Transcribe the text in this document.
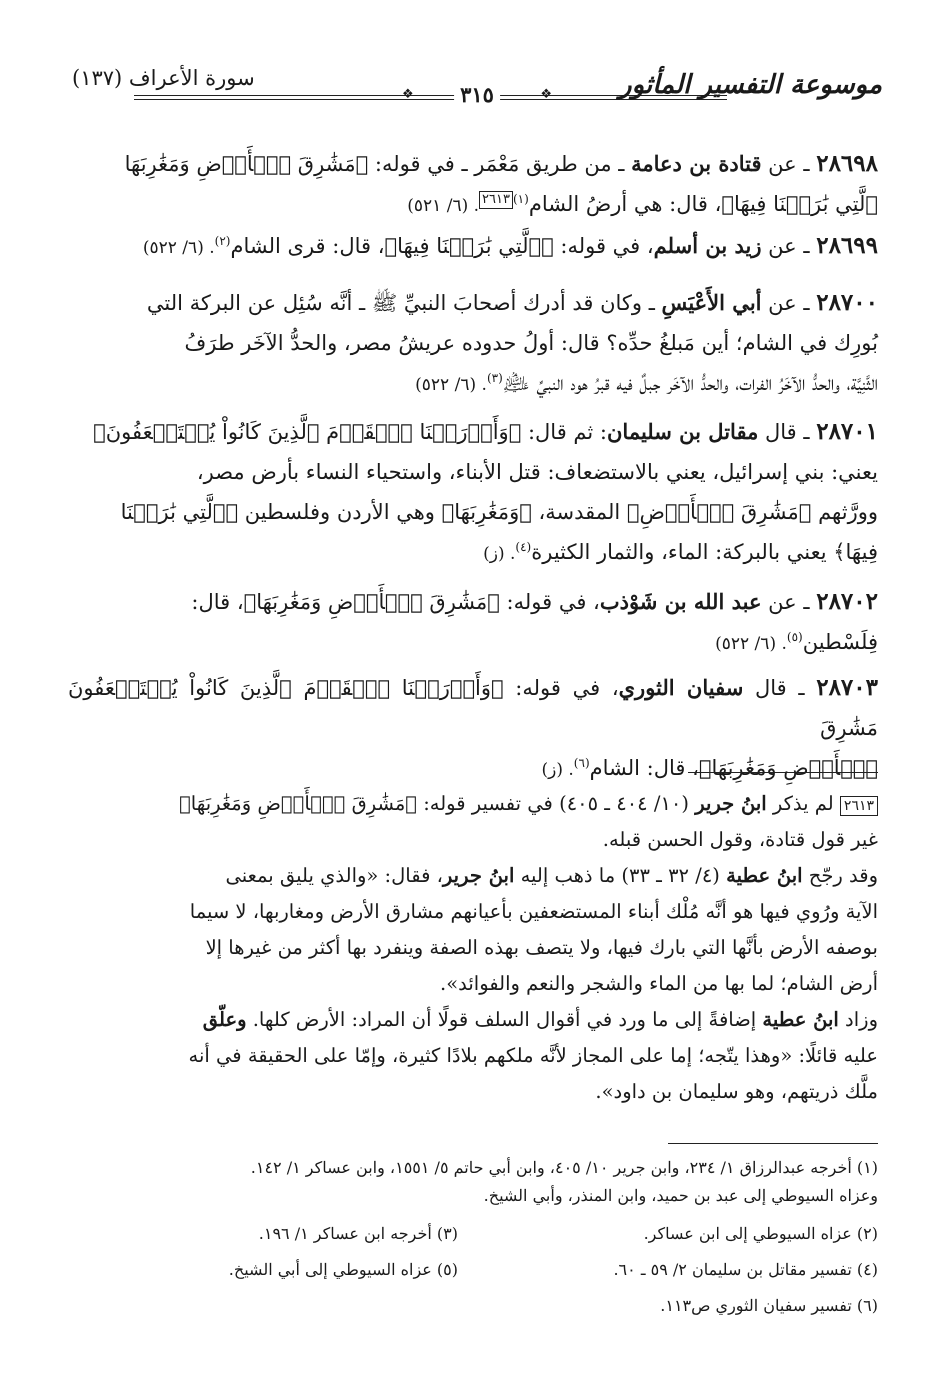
موسوعة التفسير المأثور
❖
٣١٥
❖
سورة الأعراف (١٣٧)
٢٨٦٩٨ ـ عن قتادة بن دعامة ـ من طريق مَعْمَر ـ في قوله: ﴿مَشَٰرِقَ ٱلۡأَرۡضِ وَمَغَٰرِبَهَا
ٱلَّتِي بَٰرَكۡنَا فِيهَا﴾، قال: هي أرضُ الشام$^{(١)}$٢٦١٣. (٦/ ٥٢١)
٢٨٦٩٩ ـ عن زيد بن أسلم، في قوله: ﴿ٱلَّتِي بَٰرَكۡنَا فِيهَا﴾، قال: قرى الشام$^{(٢)}$. (٦/ ٥٢٢)
٢٨٧٠٠ ـ عن أبي الأَعْيَسِ ـ وكان قد أدرك أصحابَ النبيِّ ﷺ ـ أنَّه سُئِل عن البركة التي
بُورِك في الشام؛ أين مَبلغُ حدِّه؟ قال: أولُ حدوده عريشُ مصر، والحدُّ الآخَر طرَفُ
الثَّنِيَّة، والحدُّ الآخَرُ الفرات، والحدُّ الآخَر جبلٌ فيه قبرُ هود النبيِّ ﵇$^{(٣)}$. (٦/ ٥٢٢)
٢٨٧٠١ ـ قال مقاتل بن سليمان: ثم قال: ﴿وَأَوۡرَثۡنَا ٱلۡقَوۡمَ ٱلَّذِينَ كَانُواْ يُسۡتَضۡعَفُونَ﴾
يعني: بني إسرائيل، يعني بالاستضعاف: قتل الأبناء، واستحياء النساء بأرض مصر،
وورَّثهم ﴿مَشَٰرِقَ ٱلۡأَرۡضِ﴾ المقدسة، ﴿وَمَغَٰرِبَهَا﴾ وهي الأردن وفلسطين ﴿ٱلَّتِي بَٰرَكۡنَا
فِيهَا﴾ يعني بالبركة: الماء، والثمار الكثيرة$^{(٤)}$. (ز)
٢٨٧٠٢ ـ عن عبد الله بن شَوْذب، في قوله: ﴿مَشَٰرِقَ ٱلۡأَرۡضِ وَمَغَٰرِبَهَا﴾، قال:
فِلَسْطين$^{(٥)}$. (٦/ ٥٢٢)
٢٨٧٠٣ ـ قال سفيان الثوري، في قوله: ﴿وَأَوۡرَثۡنَا ٱلۡقَوۡمَ ٱلَّذِينَ كَانُواْ يُسۡتَضۡعَفُونَ مَشَٰرِقَ
ٱلۡأَرۡضِ وَمَغَٰرِبَهَا﴾، قال: الشام$^{(٦)}$. (ز)
٢٦١٣ لم يذكر ابنُ جرير (١٠/ ٤٠٤ ـ ٤٠٥) في تفسير قوله: ﴿مَشَٰرِقَ ٱلۡأَرۡضِ وَمَغَٰرِبَهَا﴾
غير قول قتادة، وقول الحسن قبله.
وقد رجّح ابنُ عطية (٤/ ٣٢ ـ ٣٣) ما ذهب إليه ابنُ جرير، فقال: «والذي يليق بمعنى
الآية ورُوي فيها هو أنَّه مُلْك أبناء المستضعفين بأعيانهم مشارق الأرض ومغاربها، لا سيما
بوصفه الأرض بأنَّها التي بارك فيها، ولا يتصف بهذه الصفة وينفرد بها أكثر من غيرها إلا
أرض الشام؛ لما بها من الماء والشجر والنعم والفوائد».
وزاد ابنُ عطية إضافةً إلى ما ورد في أقوال السلف قولًا أن المراد: الأرض كلها. وعلّق
عليه قائلًا: «وهذا يتّجه؛ إما على المجاز لأنَّه ملكهم بلادًا كثيرة، وإمّا على الحقيقة في أنه
ملَّك ذريتهم، وهو سليمان بن داود».
(١) أخرجه عبدالرزاق ١/ ٢٣٤، وابن جرير ١٠/ ٤٠٥، وابن أبي حاتم ٥/ ١٥٥١، وابن عساكر ١/ ١٤٢.
وعزاه السيوطي إلى عبد بن حميد، وابن المنذر، وأبي الشيخ.
(٢) عزاه السيوطي إلى ابن عساكر.
(٣) أخرجه ابن عساكر ١/ ١٩٦.
(٤) تفسير مقاتل بن سليمان ٢/ ٥٩ ـ ٦٠.
(٥) عزاه السيوطي إلى أبي الشيخ.
(٦) تفسير سفيان الثوري ص١١٣.
